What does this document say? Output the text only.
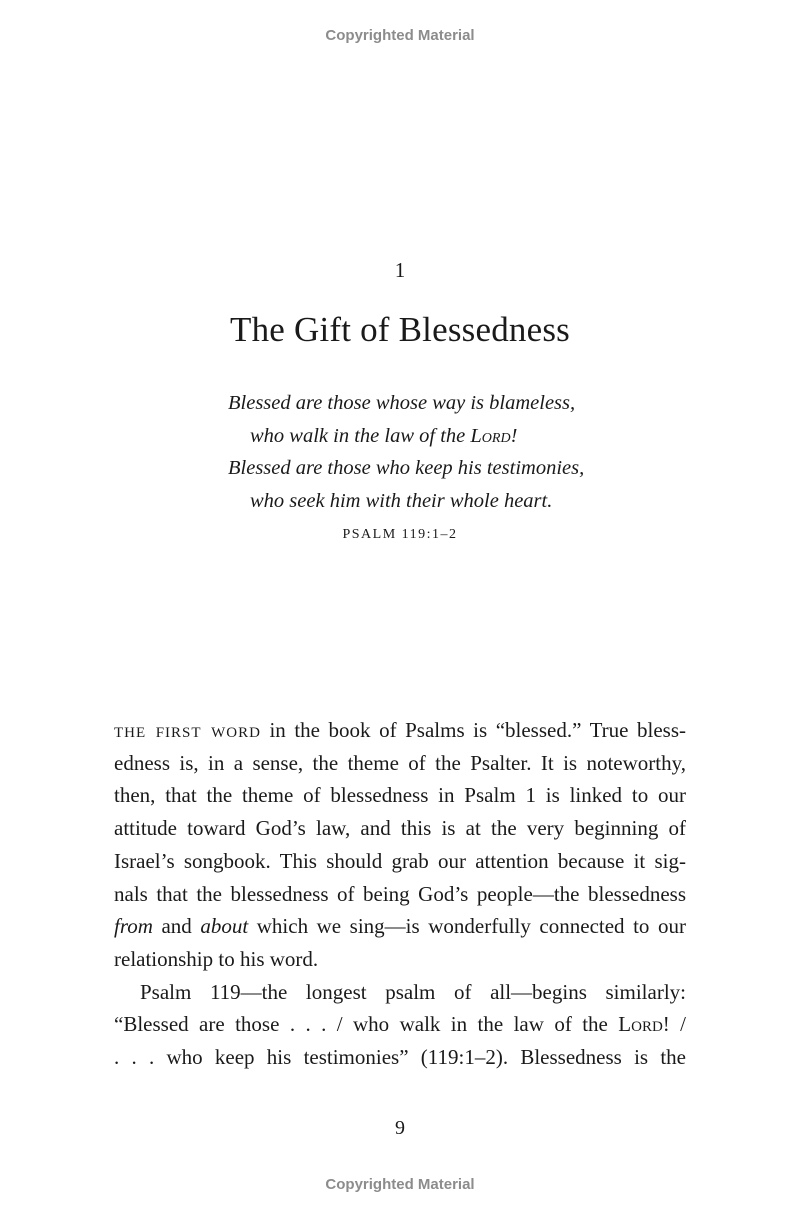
Copyrighted Material
1
The Gift of Blessedness
Blessed are those whose way is blameless,
who walk in the law of the Lord!
Blessed are those who keep his testimonies,
who seek him with their whole heart.
PSALM 119:1–2

the first word in the book of Psalms is “blessed.” True bless-
edness is, in a sense, the theme of the Psalter. It is noteworthy,
then, that the theme of blessedness in Psalm 1 is linked to our
attitude toward God’s law, and this is at the very beginning of
Israel’s songbook. This should grab our attention because it sig-
nals that the blessedness of being God’s people—the blessedness
from and about which we sing—is wonderfully connected to our
relationship to his word.

Psalm 119—the longest psalm of all—begins similarly:
“Blessed are those . . . / who walk in the law of the Lord! /
. . . who keep his testimonies” (119:1–2). Blessedness is the

9
Copyrighted Material
